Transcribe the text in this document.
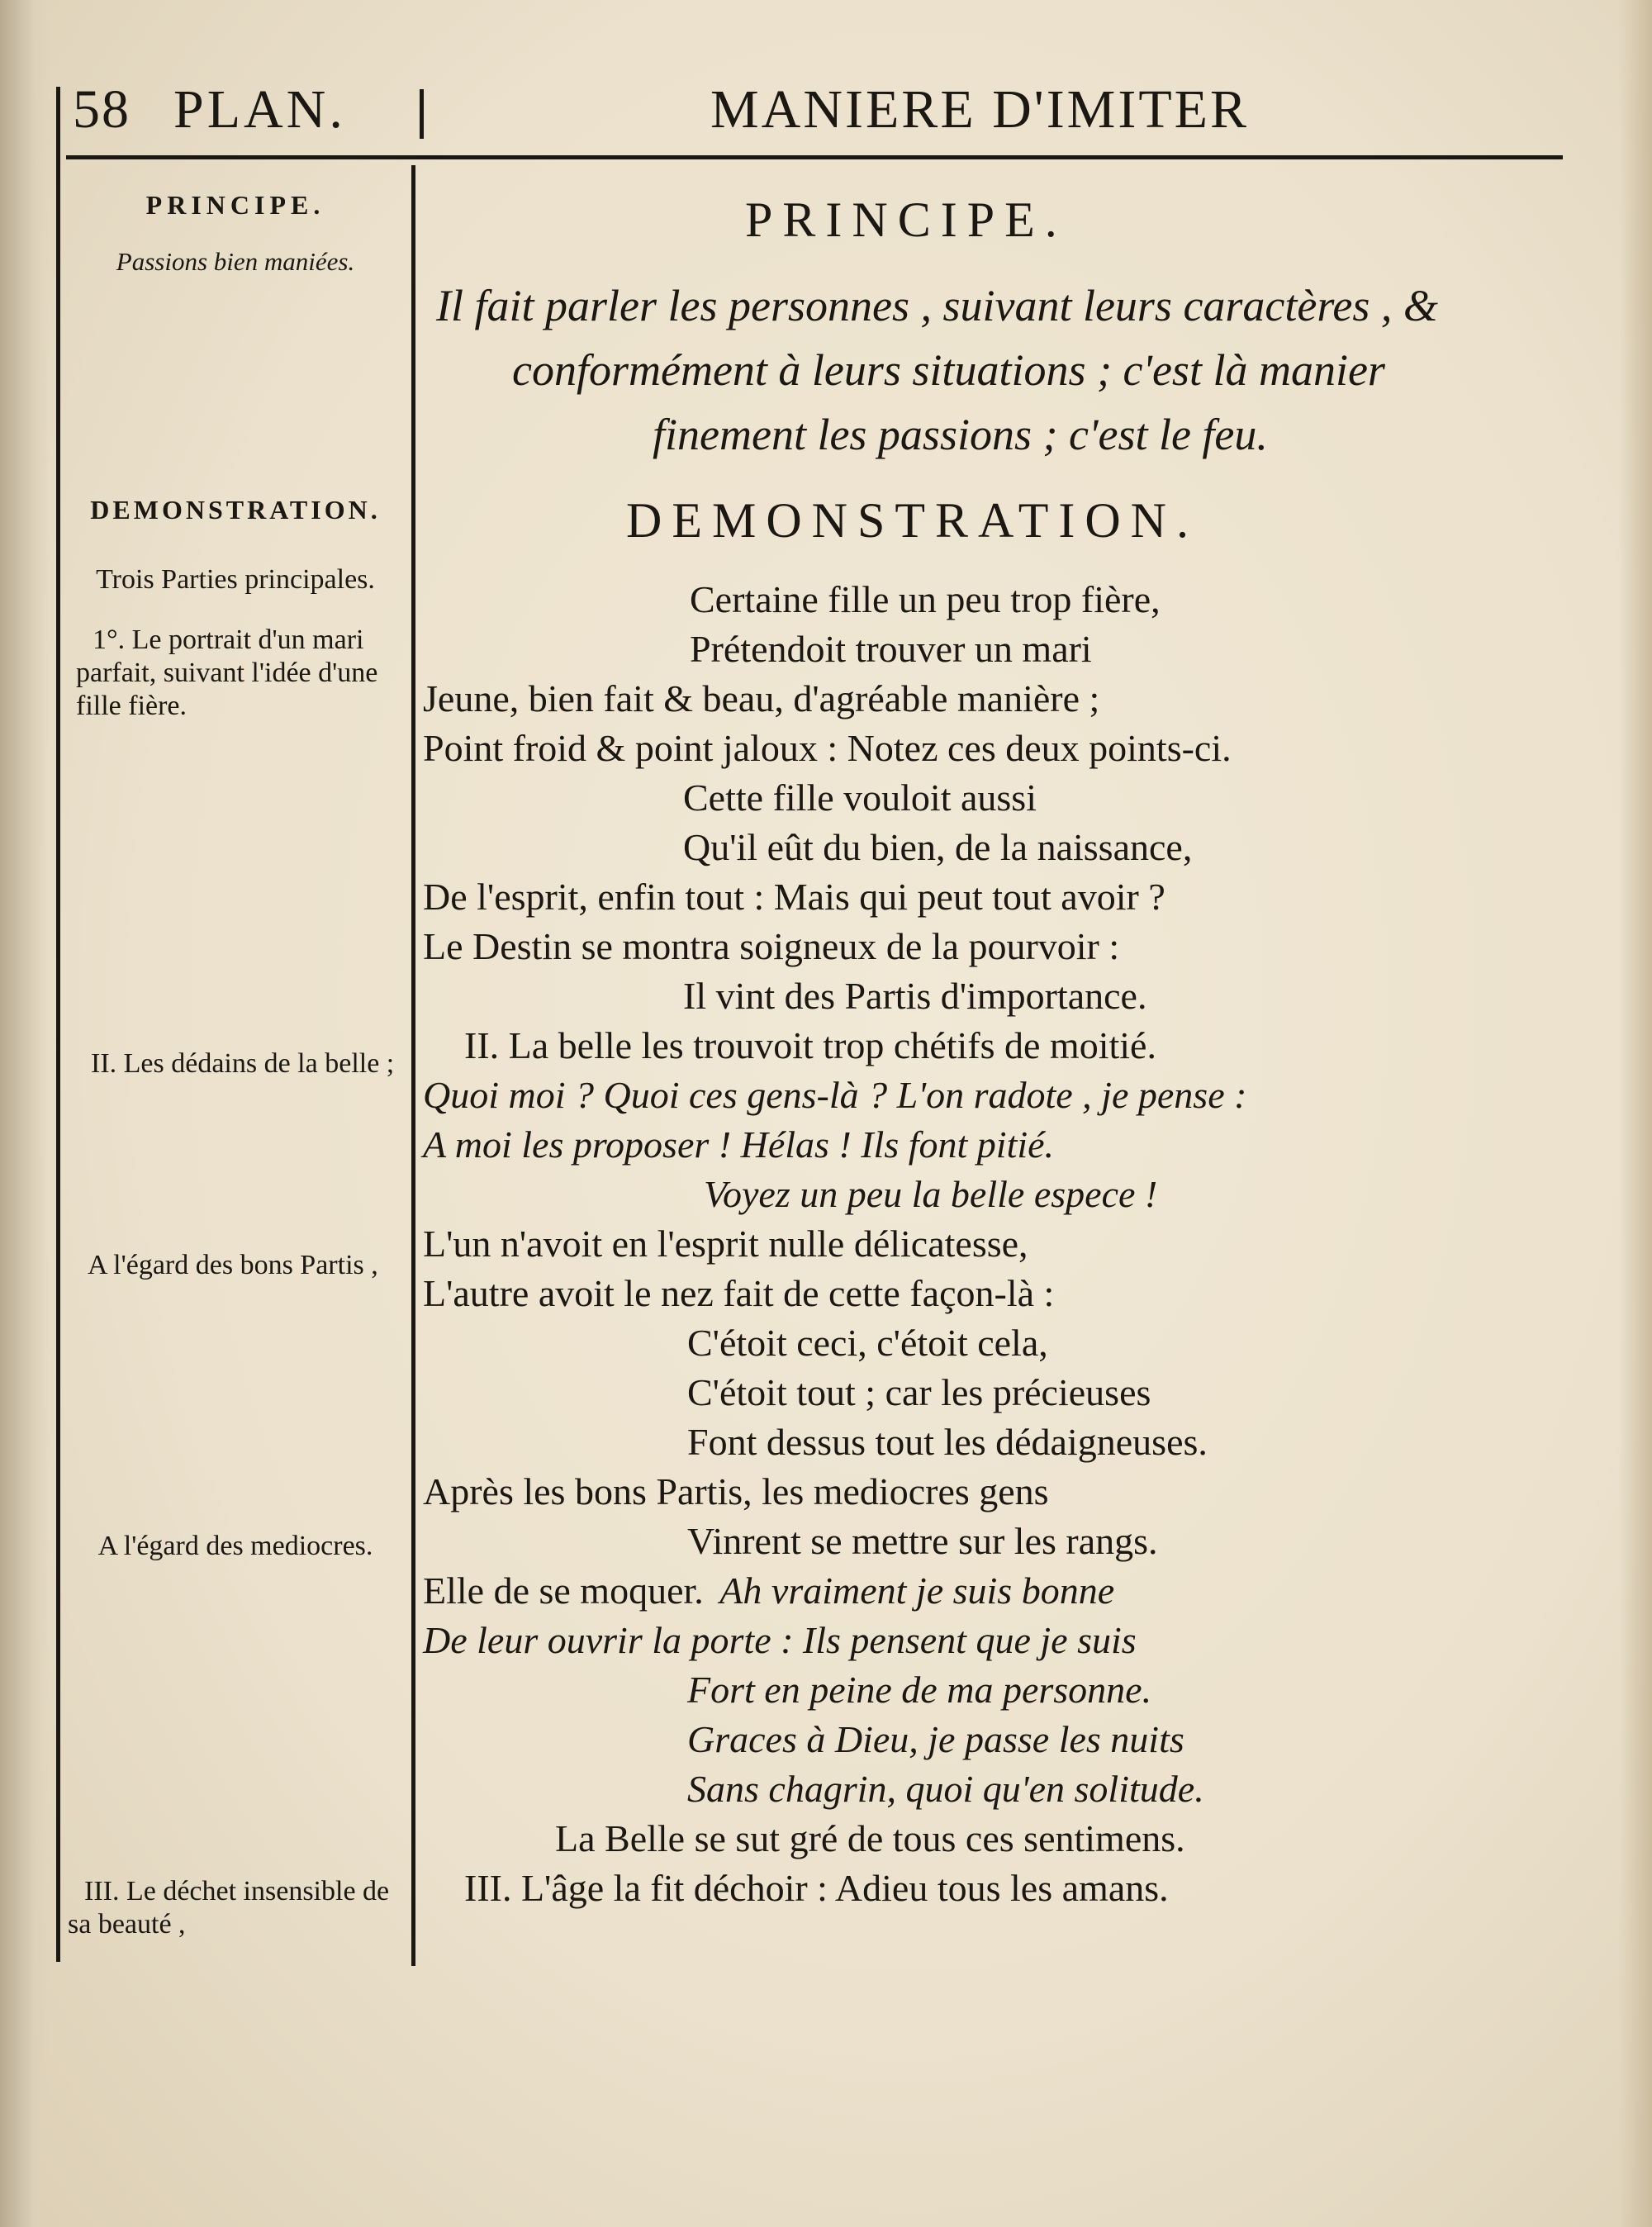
58 PLAN.	MANIERE D'IMITER
PRINCIPE.
Passions bien maniées.
DEMONSTRATION.
Trois Parties principales.
1°. Le portrait d'un mari parfait, suivant l'idée d'une fille fière.
II. Les dédains de la belle ;
A l'égard des bons Partis ,
A l'égard des mediocres.
III. Le déchet insensible de sa beauté ,
PRINCIPE.
Il fait parler les personnes , suivant leurs caractères , &
conformément à leurs situations ; c'est là manier
finement les passions ; c'est le feu.
DEMONSTRATION.
Certaine fille un peu trop fière,
Prétendoit trouver un mari
Jeune, bien fait & beau, d'agréable manière ;
Point froid & point jaloux : Notez ces deux points-ci.
Cette fille vouloit aussi
Qu'il eût du bien, de la naissance,
De l'esprit, enfin tout : Mais qui peut tout avoir ?
Le Destin se montra soigneux de la pourvoir :
Il vint des Partis d'importance.
II. La belle les trouvoit trop chétifs de moitié.
Quoi moi ? Quoi ces gens-là ? L'on radote , je pense :
A moi les proposer ! Hélas ! Ils font pitié.
Voyez un peu la belle espece !
L'un n'avoit en l'esprit nulle délicatesse,
L'autre avoit le nez fait de cette façon-là :
C'étoit ceci, c'étoit cela,
C'étoit tout ; car les précieuses
Font dessus tout les dédaigneuses.
Après les bons Partis, les mediocres gens
Vinrent se mettre sur les rangs.
Elle de se moquer. Ah vraiment je suis bonne
De leur ouvrir la porte : Ils pensent que je suis
Fort en peine de ma personne.
Graces à Dieu, je passe les nuits
Sans chagrin, quoi qu'en solitude.
La Belle se sut gré de tous ces sentimens.
III. L'âge la fit déchoir : Adieu tous les amans.
